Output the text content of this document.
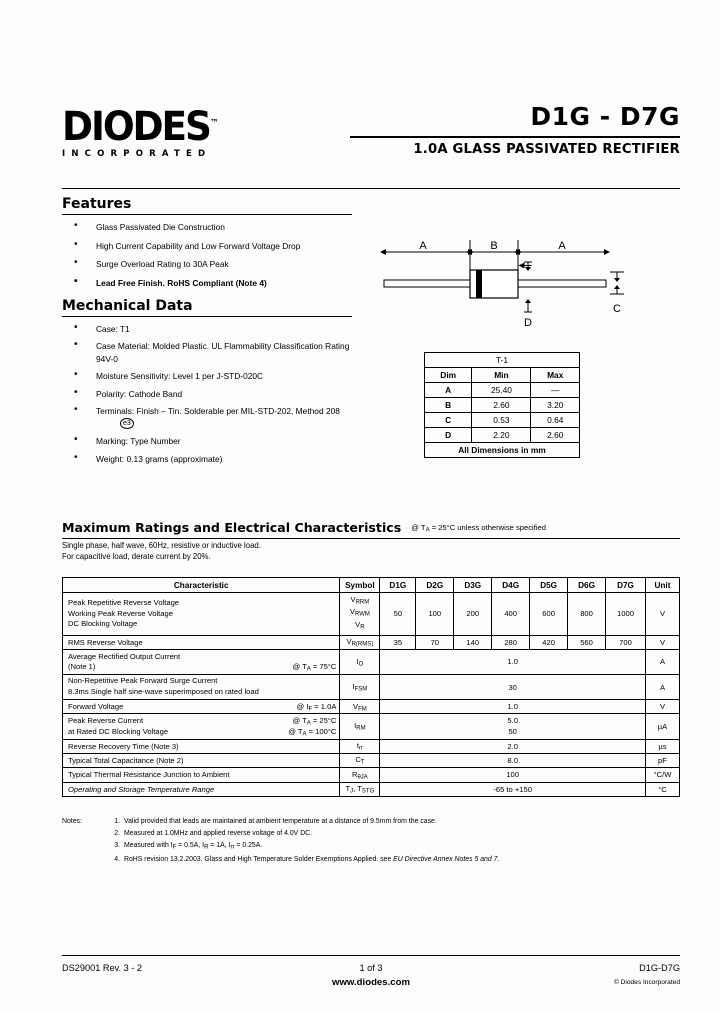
DIODES™
INCORPORATED
D1G - D7G
1.0A GLASS PASSIVATED RECTIFIER
Features
• Glass Passivated Die Construction
• High Current Capability and Low Forward Voltage Drop
• Surge Overload Rating to 30A Peak
• Lead Free Finish. RoHS Compliant (Note 4)
Mechanical Data
• Case: T1
• Case Material: Molded Plastic. UL Flammability Classification Rating 94V-0
• Moisture Sensitivity: Level 1 per J-STD-020C
• Polarity: Cathode Band
• Terminals: Finish – Tin. Solderable per MIL-STD-202, Method 208e3
• Marking: Type Number
• Weight: 0.13 grams (approximate)
A	B	A
D
C
T-1		
Dim	Min	Max
A	25.40	—
B	2.60	3.20
C	0.53	0.64
D	2.20	2.60
All Dimensions in mm		
Maximum Ratings and Electrical Characteristics @ $T_A = 25^\circ C$ unless otherwise specified
Single phase, half wave, 60Hz, resistive or inductive load.
For capacitive load, derate current by 20%.
Characteristic	Symbol	D1G	D2G	D3G	D4G	D5G	D6G	D7G	Unit

Peak Repetitive Reverse Voltage
Working Peak Reverse Voltage
DC Blocking Voltage	$V_{RRM}$
$V_{RWM}$
$V_R$	50	100	200	400	600	800	1000	V
RMS Reverse Voltage	$V_{R(RMS)}$	35	70	140	280	420	560	700	V

Average Rectified Output Current
(Note 1) @ $T_A = 75^\circ C$	$I_O$	1.0							A

Non-Repetitive Peak Forward Surge Current
8.3ms Single half sine-wave superimposed on rated load	$I_{FSM}$	30							A

Forward Voltage @ $I_F = 1.0A$	$V_{FM}$	1.0							V

Peak Reverse Current @ $T_A = 25^\circ C$
at Rated DC Blocking Voltage @ $T_A = 100^\circ C$	$I_{RM}$	5.0
50							µA
Reverse Recovery Time (Note 3)	$t_{rr}$	2.0							µs
Typical Total Capacitance (Note 2)	$C_T$	8.0							pF
Typical Thermal Resistance Junction to Ambient	$R_{\theta JA}$	100							°C/W
Operating and Storage Temperature Range	$T_J$, $T_{STG}$	-65 to +150							°C
Notes:	1. Valid provided that leads are maintained at ambient temperature at a distance of 9.5mm from the case.
2. Measured at 1.0MHz and applied reverse voltage of 4.0V DC.
3. Measured with $I_F = 0.5A$, $I_R = 1A$, $I_{rr} = 0.25A$.
4. RoHS revision 13.2.2003. Glass and High Temperature Solder Exemptions Applied. see EU Directive Annex Notes 5 and 7.
DS29001 Rev. 3 - 2	1 of 3
www.diodes.com
D1G-D7G
© Diodes Incorporated
